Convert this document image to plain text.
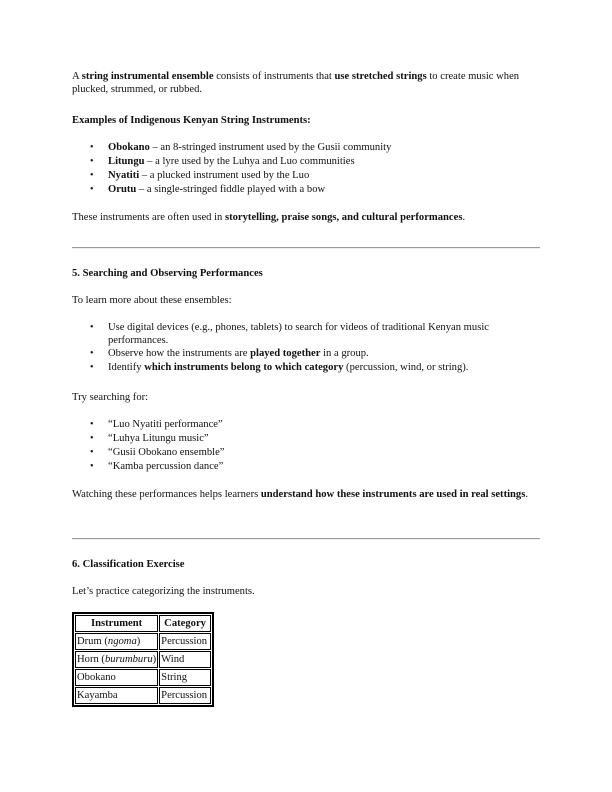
A string instrumental ensemble consists of instruments that use stretched strings to create music when plucked, strummed, or rubbed.

Examples of Indigenous Kenyan String Instruments:

• Obokano – an 8-stringed instrument used by the Gusii community
• Litungu – a lyre used by the Luhya and Luo communities
• Nyatiti – a plucked instrument used by the Luo
• Orutu – a single-stringed fiddle played with a bow

These instruments are often used in storytelling, praise songs, and cultural performances.

5. Searching and Observing Performances

To learn more about these ensembles:

• Use digital devices (e.g., phones, tablets) to search for videos of traditional Kenyan music performances.
• Observe how the instruments are played together in a group.
• Identify which instruments belong to which category (percussion, wind, or string).

Try searching for:

• “Luo Nyatiti performance”
• “Luhya Litungu music”
• “Gusii Obokano ensemble”
• “Kamba percussion dance”

Watching these performances helps learners understand how these instruments are used in real settings.

6. Classification Exercise

Let’s practice categorizing the instruments.

Instrument	Category
Drum (ngoma)	Percussion
Horn (burumburu)	Wind
Obokano	String
Kayamba	Percussion
